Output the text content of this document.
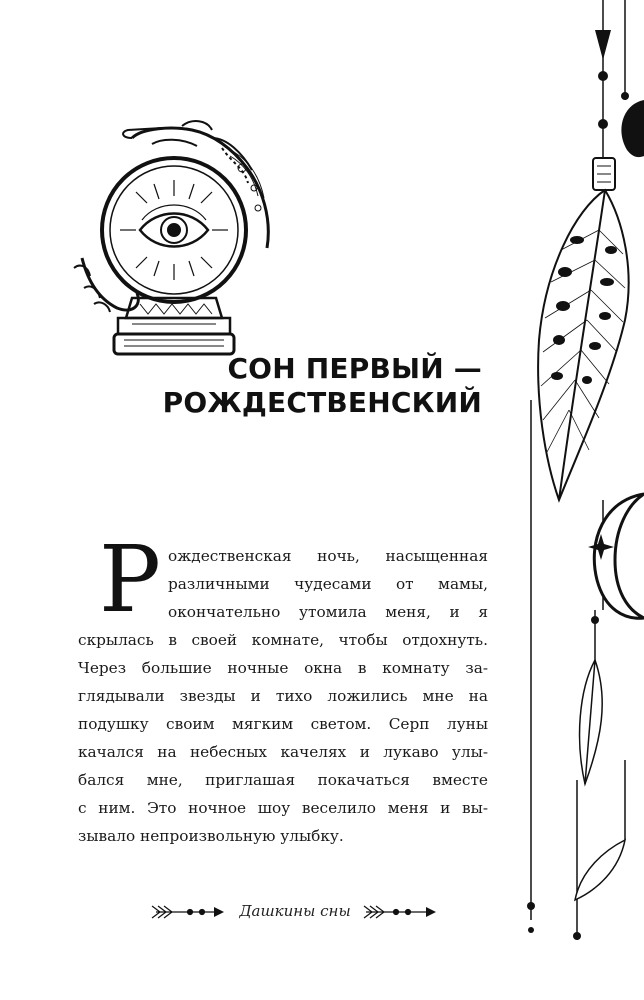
СОН ПЕРВЫЙ —
РОЖДЕСТВЕНСКИЙ
Р ождественская ночь, насыщенная
различными чудесами от мамы,
окончательно утомила меня, и я
скрылась в своей комнате, чтобы отдохнуть.
Через большие ночные окна в комнату за-
глядывали звезды и тихо ложились мне на
подушку своим мягким светом. Серп луны
качался на небесных качелях и лукаво улы-
бался мне, приглашая покачаться вместе
с ним. Это ночное шоу веселило меня и вы-
зывало непроизвольную улыбку.
Дашкины сны
